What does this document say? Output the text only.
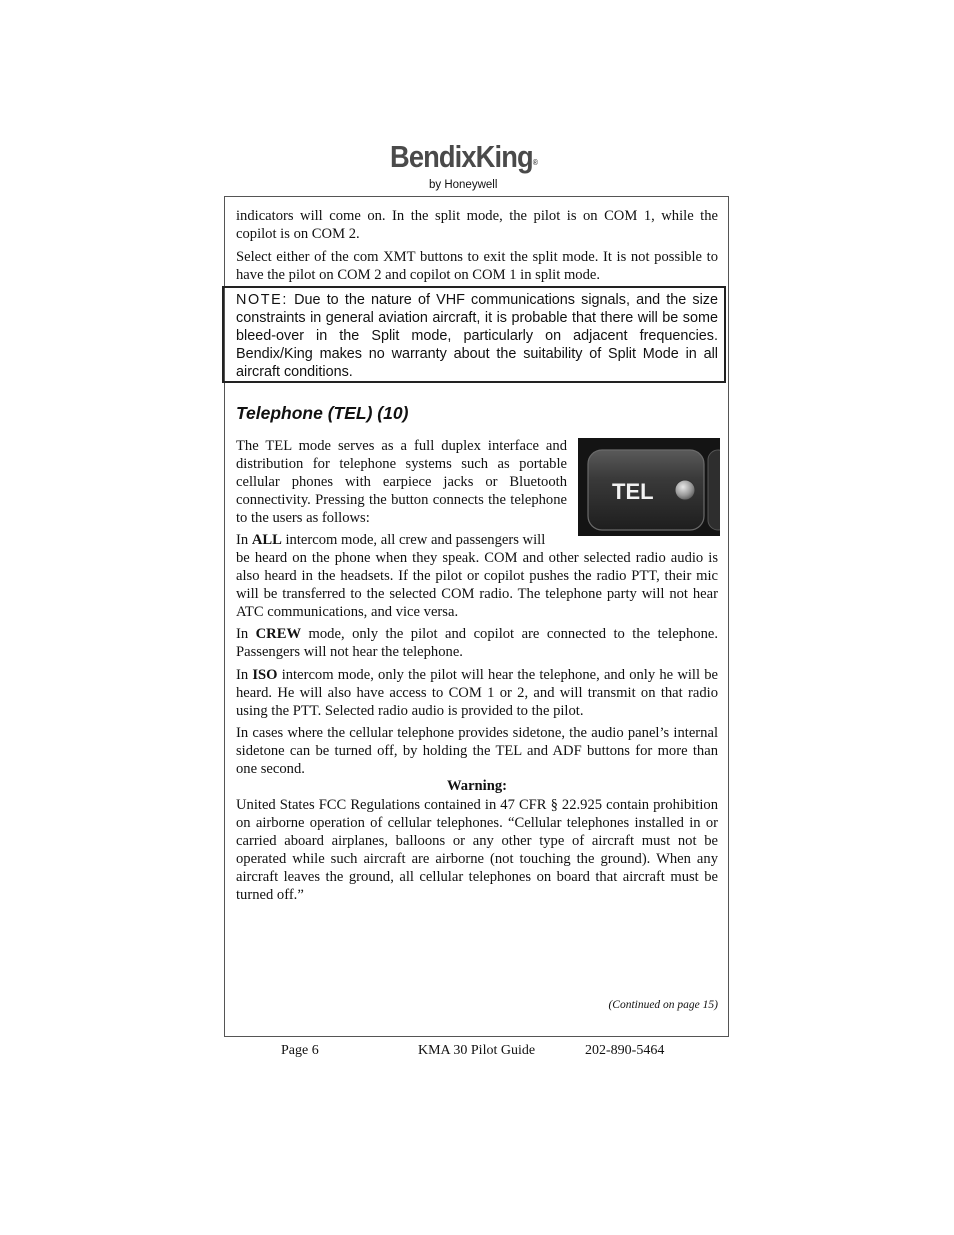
BendixKing®
by Honeywell

indicators will come on. In the split mode, the pilot is on COM 1, while the copilot is on COM 2.

Select either of the com XMT buttons to exit the split mode. It is not possible to have the pilot on COM 2 and copilot on COM 1 in split mode.

NOTE: Due to the nature of VHF communications signals, and the size constraints in general aviation aircraft, it is probable that there will be some bleed-over in the Split mode, particularly on adjacent frequencies. Bendix/King makes no warranty about the suitability of Split Mode in all aircraft conditions.

Telephone (TEL) (10)
TEL

The TEL mode serves as a full duplex interface and distribution for telephone systems such as portable cellular phones with earpiece jacks or Bluetooth connectivity. Pressing the button connects the telephone to the users as follows:

In ALL intercom mode, all crew and passengers will

be heard on the phone when they speak. COM and other selected radio audio is also heard in the headsets. If the pilot or copilot pushes the radio PTT, their mic will be transferred to the selected COM radio. The telephone party will not hear ATC communications, and vice versa.

In CREW mode, only the pilot and copilot are connected to the telephone. Passengers will not hear the telephone.

In ISO intercom mode, only the pilot will hear the telephone, and only he will be heard. He will also have access to COM 1 or 2, and will transmit on that radio using the PTT. Selected radio audio is provided to the pilot.

In cases where the cellular telephone provides sidetone, the audio panel’s internal sidetone can be turned off, by holding the TEL and ADF buttons for more than one second.

Warning:

United States FCC Regulations contained in 47 CFR § 22.925 contain prohibition on airborne operation of cellular telephones. “Cellular telephones installed in or carried aboard airplanes, balloons or any other type of aircraft must not be operated while such aircraft are airborne (not touching the ground). When any aircraft leaves the ground, all cellular telephones on board that aircraft must be turned off.”

(Continued on page 15)

Page 6	KMA 30 Pilot Guide	202-890-5464
